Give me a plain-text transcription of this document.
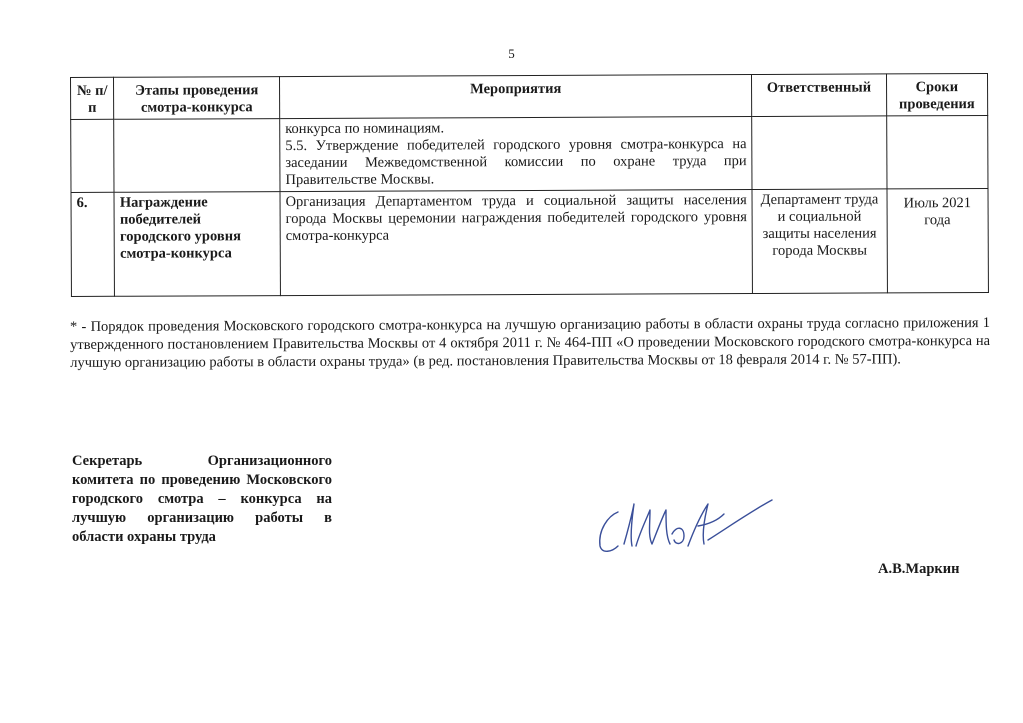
5
№ п/п	Этапы проведения смотра-конкурса	Мероприятия	Ответственный	Сроки проведения

		конкурса по номинациям.
5.5. Утверждение победителей городского уровня смотра-конкурса на заседании Межведомственной комиссии по охране труда при Правительстве Москвы.		

6.	Награждение победителей городского уровня смотра-конкурса	Организация Департаментом труда и социальной защиты населения города Москвы церемонии награждения победителей городского уровня смотра-конкурса	Департамент труда и социальной защиты населения города Москвы	Июль 2021 года
* - Порядок проведения Московского городского смотра-конкурса на лучшую организацию работы в области охраны труда согласно приложения 1 утвержденного постановлением Правительства Москвы от 4 октября 2011 г. № 464-ПП «О проведении Московского городского смотра-конкурса на лучшую организацию работы в области охраны труда» (в ред. постановления Правительства Москвы от 18 февраля 2014 г. № 57-ПП).
Секретарь Организационного комитета по проведению Московского городского смотра – конкурса на лучшую организацию работы в области охраны труда
А.В.Маркин
